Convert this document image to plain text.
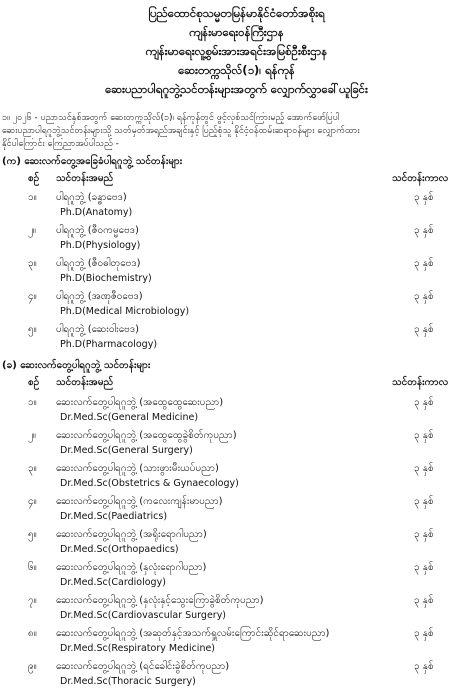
ပြည်ထောင်စုသမ္မတမြန်မာနိုင်ငံတော်အစိုးရ
ကျန်းမာရေးဝန်ကြီးဌာန
ကျန်းမာရေးလူ့စွမ်းအားအရင်းအမြစ်ဦးစီးဌာန
ဆေးတက္ကသိုလ်(၁)၊ ရန်ကုန်
ဆေးပညာပါရဂူဘွဲ့သင်တန်းများအတွက် လျှောက်လွှာခေါ်ယူခြင်း
၁။ ၂၀၂၆ - ပညာသင်နှစ်အတွက် ဆေးတက္ကသိုလ်(၁)၊ ရန်ကုန်တွင် ဖွင့်လှစ်သင်ကြားမည့် အောက်ဖော်ပြပါ
ဆေးပညာပါရဂူဘွဲ့သင်တန်းများသို့ သတ်မှတ်အရည်အချင်းနှင့် ပြည့်စုံသူ နိုင်ငံ့ဝန်ထမ်းဆရာဝန်များ လျှောက်ထား
နိုင်ပါကြောင်း ကြေညာအပ်ပါသည် -
(က) ဆေးလက်တွေ့အခြေခံပါရဂူဘွဲ့ သင်တန်းများ
စဉ် သင်တန်းအမည်	သင်တန်းကာလ
၁။ ပါရဂူဘွဲ့ (ခန္ဓာဗေဒ)
Ph.D(Anatomy)
၃ နှစ်
၂။ ပါရဂူဘွဲ့ (ဇီဝကမ္မဗေဒ)
Ph.D(Physiology)
၃ နှစ်
၃။ ပါရဂူဘွဲ့ (ဇီဝဓါတုဗေဒ)
Ph.D(Biochemistry)
၃ နှစ်
၄။ ပါရဂူဘွဲ့ (အဏုဇီဝဗေဒ)
Ph.D(Medical Microbiology)
၃ နှစ်
၅။ ပါရဂူဘွဲ့ (ဆေးဝါးဗေဒ)
Ph.D(Pharmacology)
၃ နှစ်
(ခ) ဆေးလက်တွေ့ပါရဂူဘွဲ့ သင်တန်းများ
စဉ် သင်တန်းအမည်	သင်တန်းကာလ
၁။ ဆေးလက်တွေ့ပါရဂူဘွဲ့ (အထွေထွေဆေးပညာ)
Dr.Med.Sc(General Medicine)
၃ နှစ်
၂။ ဆေးလက်တွေ့ပါရဂူဘွဲ့ (အထွေထွေခွဲစိတ်ကုပညာ)
Dr.Med.Sc(General Surgery)
၃ နှစ်
၃။ ဆေးလက်တွေ့ပါရဂူဘွဲ့ (သားဖွားမီးယပ်ပညာ)
Dr.Med.Sc(Obstetrics & Gynaecology)
၃ နှစ်
၄။ ဆေးလက်တွေ့ပါရဂူဘွဲ့ (ကလေးကျန်းမာပညာ)
Dr.Med.Sc(Paediatrics)
၃ နှစ်
၅။ ဆေးလက်တွေ့ပါရဂူဘွဲ့ (အရိုးရောဂါပညာ)
Dr.Med.Sc(Orthopaedics)
၃ နှစ်
၆။ ဆေးလက်တွေ့ပါရဂူဘွဲ့ (နှလုံးရောဂါပညာ)
Dr.Med.Sc(Cardiology)
၃ နှစ်
၇။ ဆေးလက်တွေ့ပါရဂူဘွဲ့ (နှလုံးနှင့်သွေးကြောခွဲစိတ်ကုပညာ)
Dr.Med.Sc(Cardiovascular Surgery)
၃ နှစ်
၈။ ဆေးလက်တွေ့ပါရဂူဘွဲ့ (အဆုတ်နှင့်အသက်ရှူလမ်းကြောင်းဆိုင်ရာဆေးပညာ)
Dr.Med.Sc(Respiratory Medicine)
၃ နှစ်
၉။ ဆေးလက်တွေ့ပါရဂူဘွဲ့ (ရင်ခေါင်းခွဲစိတ်ကုပညာ)
Dr.Med.Sc(Thoracic Surgery)
၃ နှစ်
